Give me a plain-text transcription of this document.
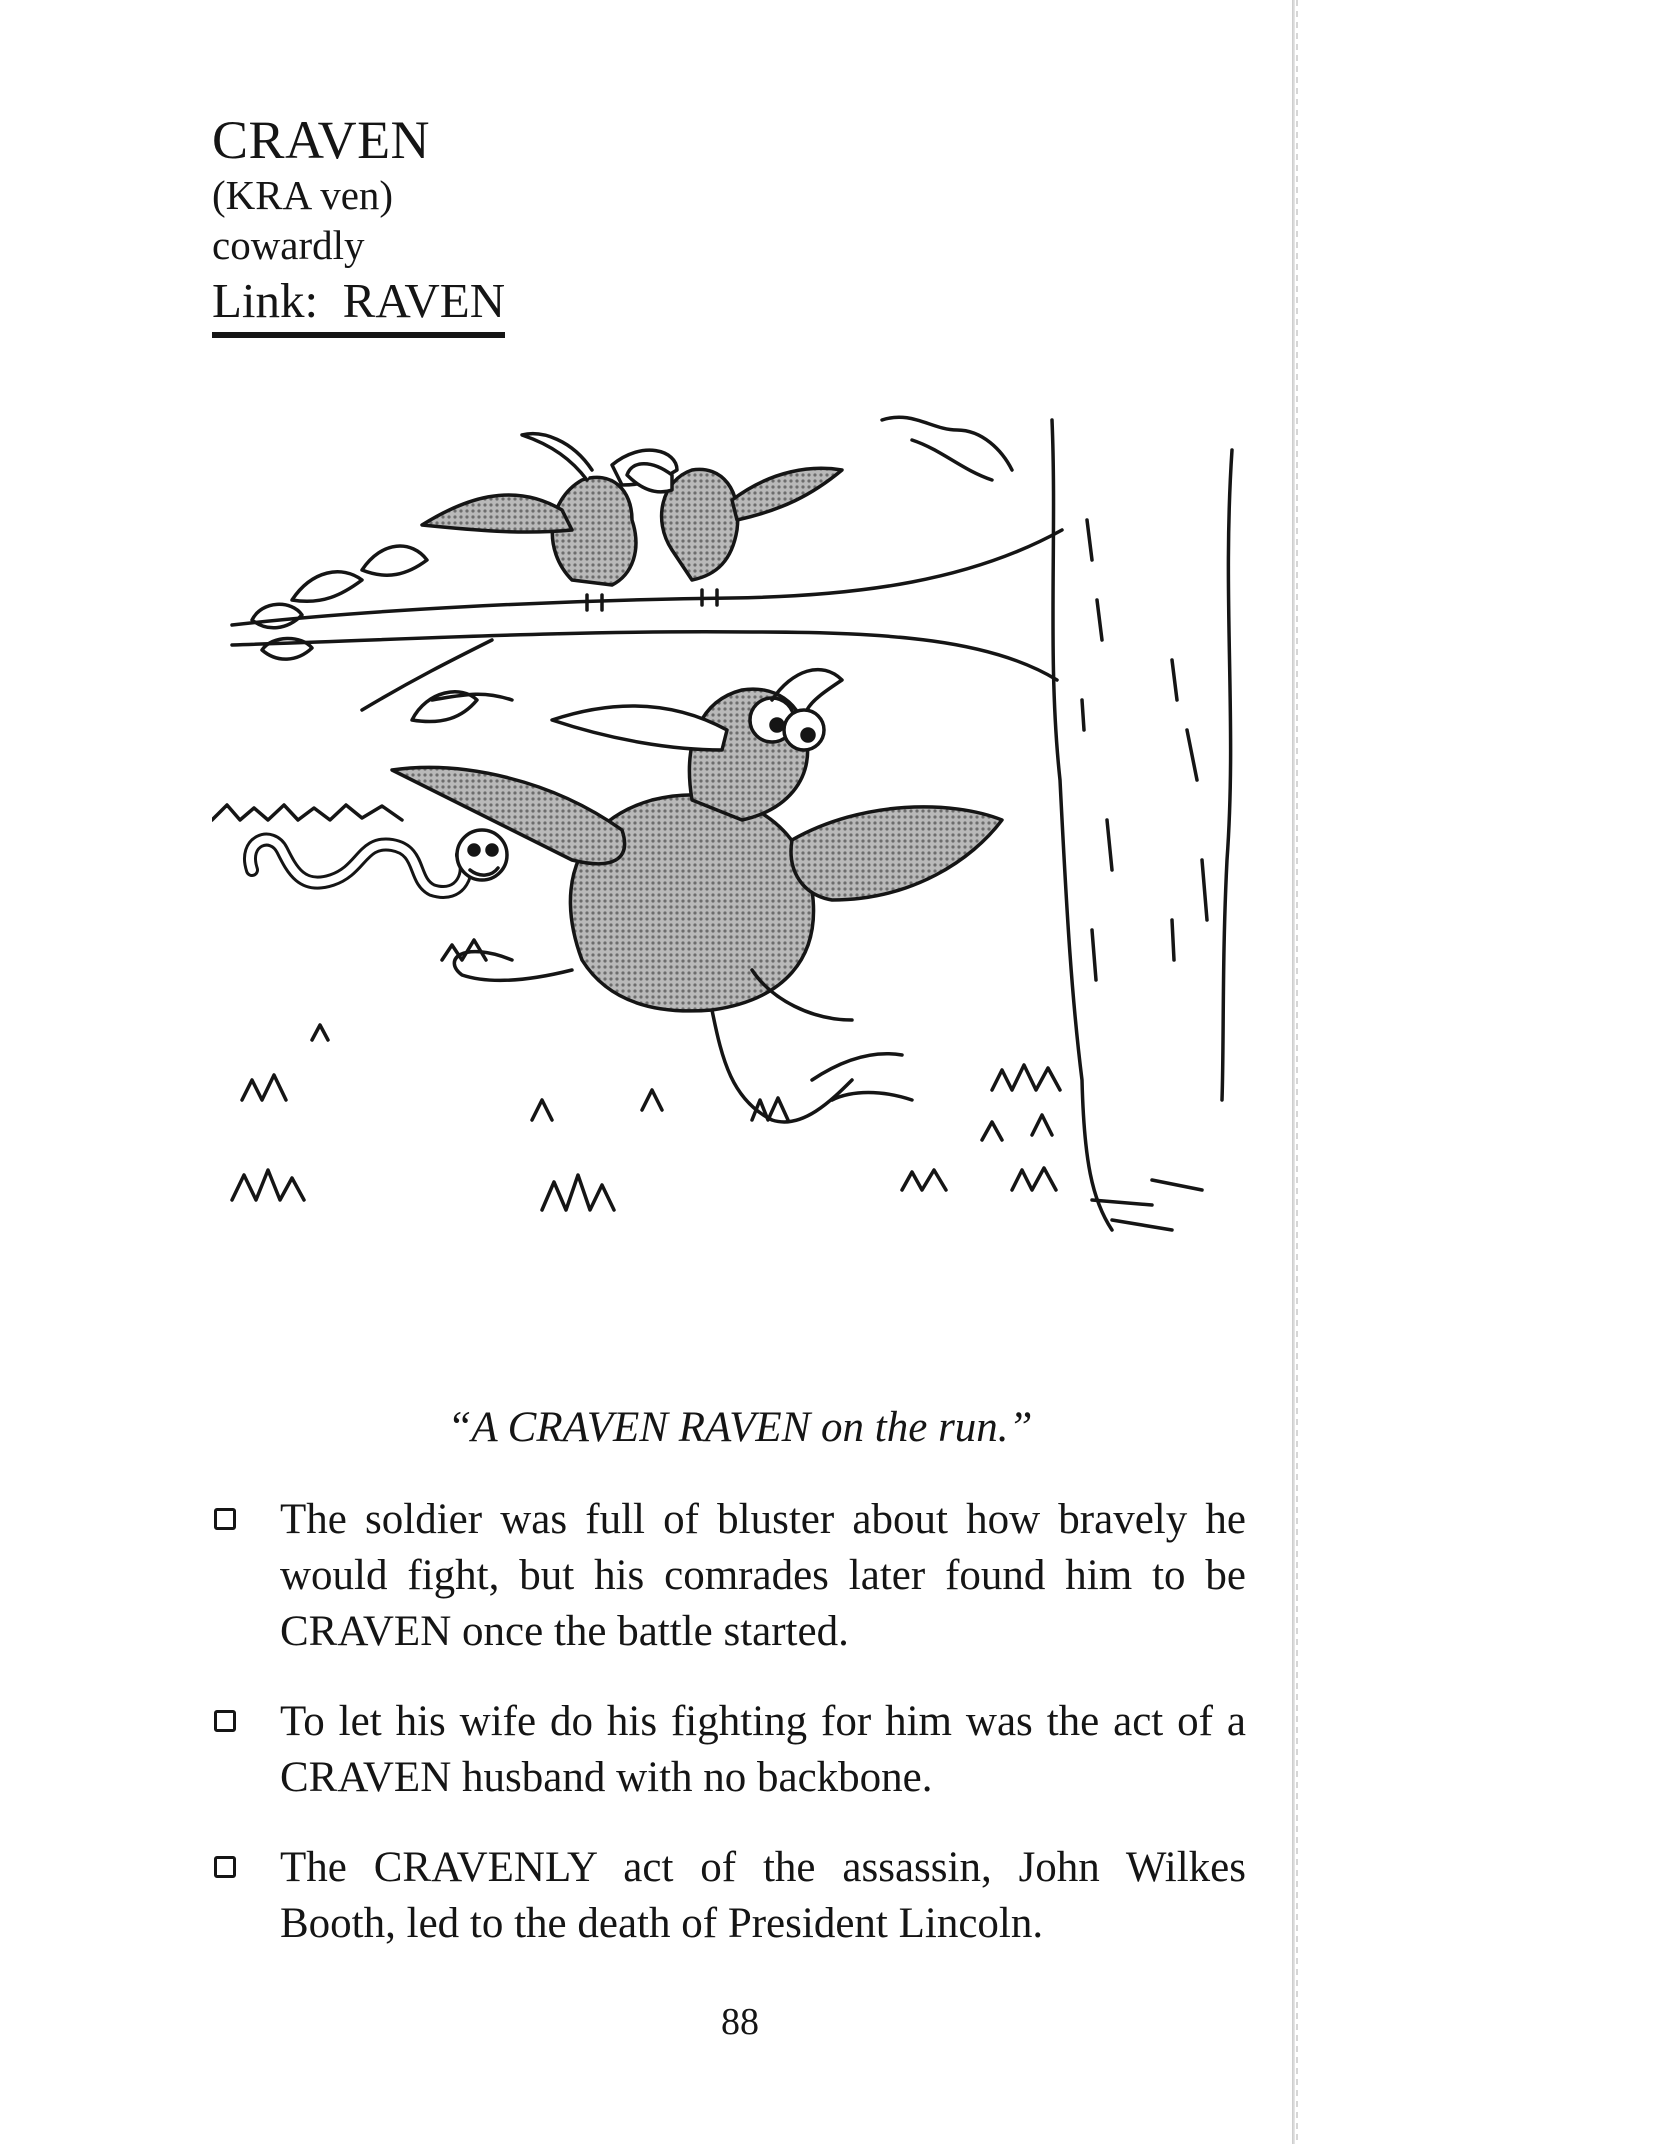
CRAVEN

(KRA ven)

cowardly

Link: RAVEN

“A CRAVEN RAVEN on the run.”

The soldier was full of bluster about how bravely he would fight, but his comrades later found him to be CRAVEN once the battle started.
To let his wife do his fighting for him was the act of a CRAVEN husband with no backbone.
The CRAVENLY act of the assassin, John Wilkes Booth, led to the death of President Lincoln.

88
